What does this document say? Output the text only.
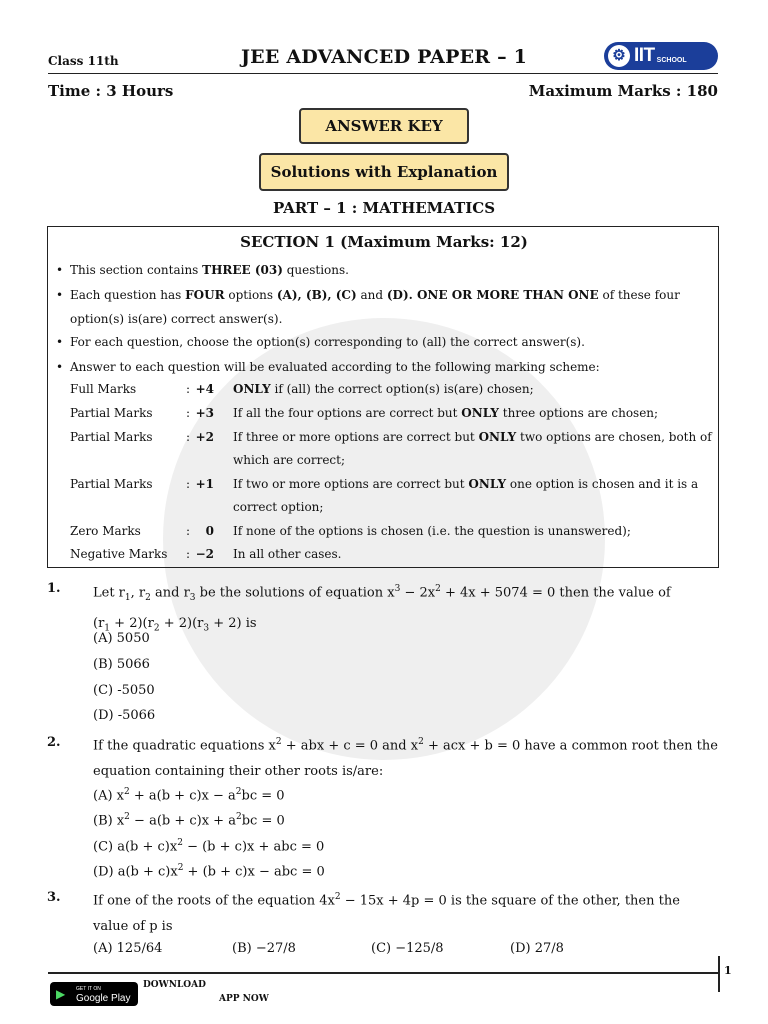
Class 11th	JEE ADVANCED PAPER – 1	⚙ IIT SCHOOL
Time : 3 Hours	Maximum Marks : 180
ANSWER KEY
Solutions with Explanation
PART – 1 : MATHEMATICS
SECTION 1 (Maximum Marks: 12)
• This section contains THREE (03) questions.
• Each question has FOUR options (A), (B), (C) and (D). ONE OR MORE THAN ONE of these four option(s) is(are) correct answer(s).
• For each question, choose the option(s) corresponding to (all) the correct answer(s).
• Answer to each question will be evaluated according to the following marking scheme:
Full Marks	: +4 ONLY if (all) the correct option(s) is(are) chosen;
Partial Marks	: +3 If all the four options are correct but ONLY three options are chosen;
Partial Marks	: +2 If three or more options are correct but ONLY two options are chosen, both of which are correct;
Partial Marks	: +1 If two or more options are correct but ONLY one option is chosen and it is a correct option;
Zero Marks	:	0 If none of the options is chosen (i.e. the question is unanswered);
Negative Marks : −2 In all other cases.
1. Let $r_1$, $r_2$ and $r_3$ be the solutions of equation $x^3 - 2x^2 + 4x + 5074 = 0$ then the value of
$(r_1 + 2)(r_2 + 2)(r_3 + 2)$ is
(A) 5050
(B) 5066
(C) -5050
(D) -5066
2. If the quadratic equations $x^2$ + abx + c = 0 and $x^2$ + acx + b = 0 have a common root then the equation containing their other roots is/are:
(A) $x^2 + a(b + c)x - a^2bc = 0$
(B) $x^2 - a(b + c)x + a^2bc = 0$
(C) $a(b + c)x^2 - (b + c)x$ + abc = 0
(D) $a(b + c)x^2 + (b + c)x$ − abc = 0
3. If one of the roots of the equation $4x^2 - 15x + 4p = 0$ is the square of the other, then the value of p is
(A) 125/64	(B) −27/8	(C) −125/8	(D) 27/8
1
▶	GET IT ON
Google Play
DOWNLOAD
APP NOW
